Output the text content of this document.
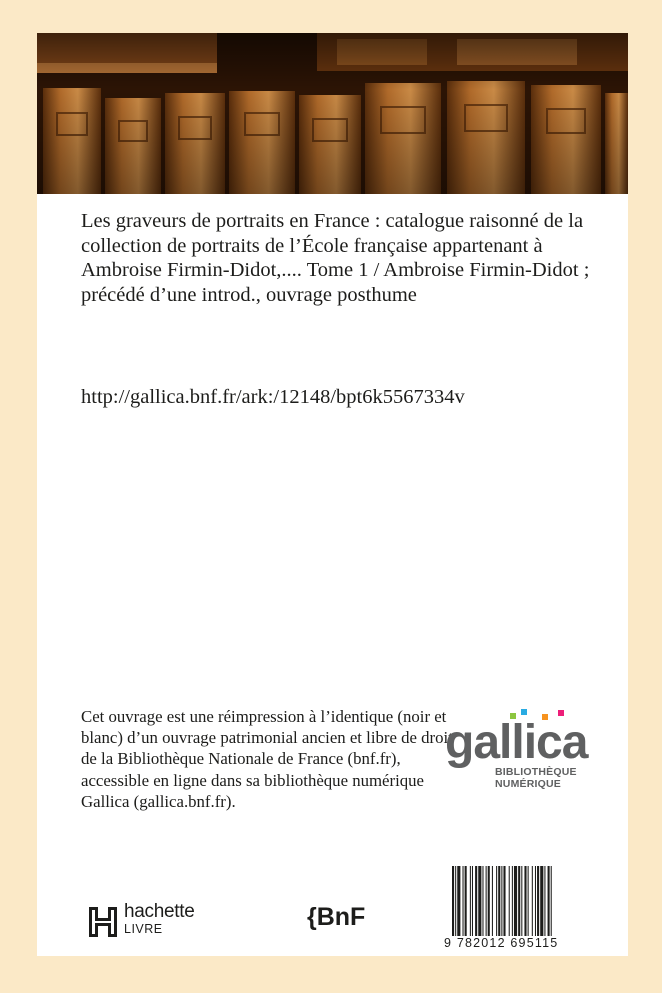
Les graveurs de portraits en France : catalogue raisonné de la collection de portraits de l’École française appartenant à Ambroise Firmin-Didot,.... Tome 1 / Ambroise Firmin-Didot ; précédé d’une introd., ouvrage posthume

http://gallica.bnf.fr/ark:/12148/bpt6k5567334v

Cet ouvrage est une réimpression à l’identique (noir et blanc) d’un ouvrage patrimonial ancien et libre de droit de la Bibliothèque Nationale de France (bnf.fr), accessible en ligne dans sa bibliothèque numérique Gallica (gallica.bnf.fr).

gallica
BIBLIOTHÈQUE
NUMÉRIQUE
hachette
LIVRE	{BnF
9 782012 695115
